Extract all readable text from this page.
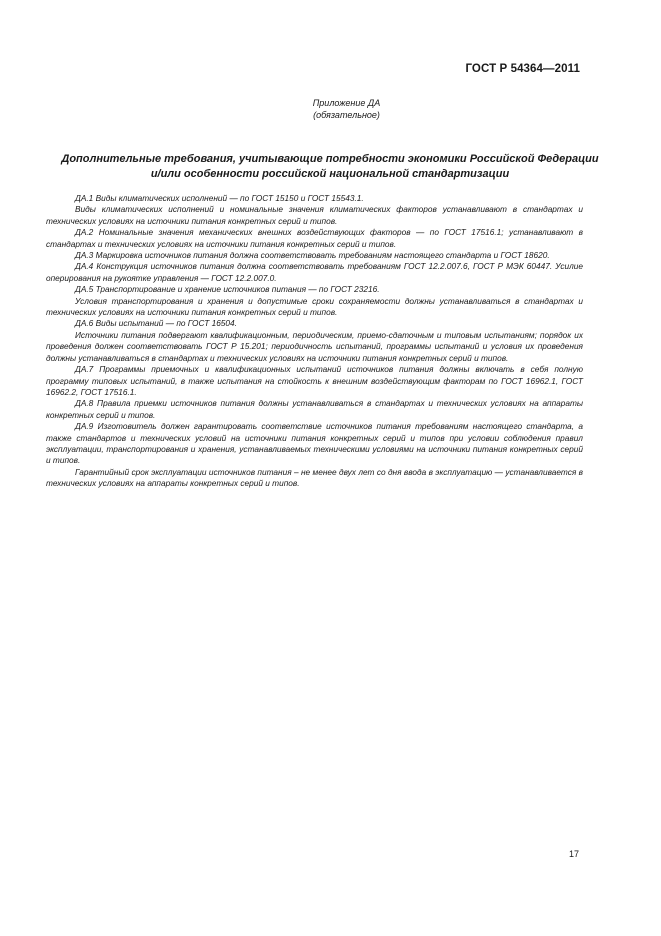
ГОСТ Р 54364—2011
Приложение ДА
(обязательное)
Дополнительные требования, учитывающие потребности экономики Российской Федерации и/или особенности российской национальной стандартизации

ДА.1 Виды климатических исполнений — по ГОСТ 15150 и ГОСТ 15543.1.

Виды климатических исполнений и номинальные значения климатических факторов устанавливают в стандартах и технических условиях на источники питания конкретных серий и типов.

ДА.2 Номинальные значения механических внешних воздействующих факторов — по ГОСТ 17516.1; устанавливают в стандартах и технических условиях на источники питания конкретных серий и типов.

ДА.3 Маркировка источников питания должна соответствовать требованиям настоящего стандарта и ГОСТ 18620.

ДА.4 Конструкция источников питания должна соответствовать требованиям ГОСТ 12.2.007.6, ГОСТ Р МЭК 60447. Усилие оперирования на рукоятке управления — ГОСТ 12.2.007.0.

ДА.5 Транспортирование и хранение источников питания — по ГОСТ 23216.

Условия транспортирования и хранения и допустимые сроки сохраняемости должны устанавливаться в стандартах и технических условиях на источники питания конкретных серий и типов.

ДА.6 Виды испытаний — по ГОСТ 16504.

Источники питания подвергают квалификационным, периодическим, приемо-сдаточным и типовым испытаниям; порядок их проведения должен соответствовать ГОСТ Р 15.201; периодичность испытаний, программы испытаний и условия их проведения должны устанавливаться в стандартах и технических условиях на источники питания конкретных серий и типов.

ДА.7 Программы приемочных и квалификационных испытаний источников питания должны включать в себя полную программу типовых испытаний, в также испытания на стойкость к внешним воздействующим факторам по ГОСТ 16962.1, ГОСТ 16962.2, ГОСТ 17516.1.

ДА.8 Правила приемки источников питания должны устанавливаться в стандартах и технических условиях на аппараты конкретных серий и типов.

ДА.9 Изготовитель должен гарантировать соответствие источников питания требованиям настоящего стандарта, а также стандартов и технических условий на источники питания конкретных серий и типов при условии соблюдения правил эксплуатации, транспортирования и хранения, устанавливаемых техническими условиями на источники питания конкретных серий и типов.

Гарантийный срок эксплуатации источников питания – не менее двух лет со дня ввода в эксплуатацию — устанавливается в технических условиях на аппараты конкретных серий и типов.

17
